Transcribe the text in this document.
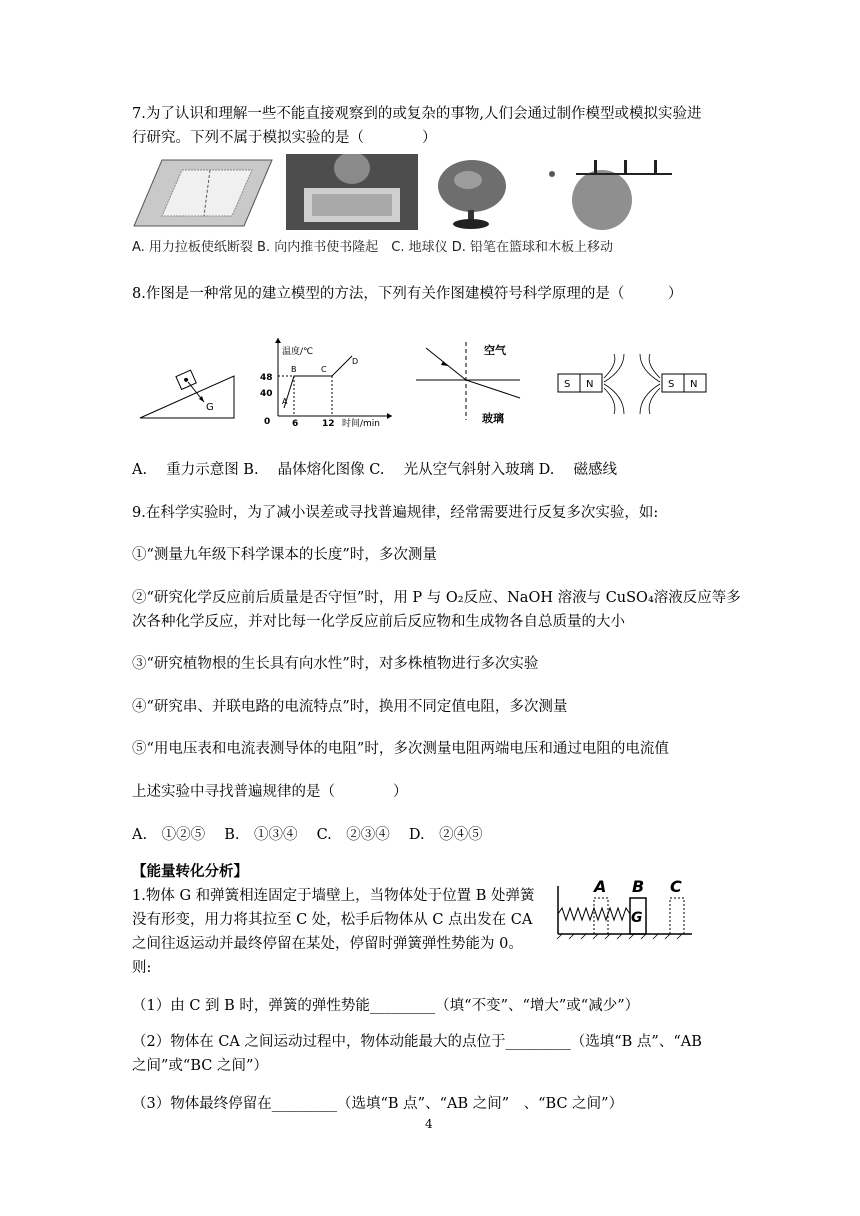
7.为了认识和理解一些不能直接观察到的或复杂的事物,人们会通过制作模型或模拟实验进
行研究。下列不属于模拟实验的是（　　　　）
A. 用力拉板使纸断裂 B. 向内推书使书隆起　C. 地球仪 D. 铅笔在篮球和木板上移动
8.作图是一种常见的建立模型的方法，下列有关作图建模符号科学原理的是（　　　）
G
温度/℃
时间/min
48
40
0 6	12
A
B	C
D
空气
玻璃
S N	S N
A.　 重力示意图 B.　 晶体熔化图像 C.　 光从空气斜射入玻璃 D.　 磁感线
9.在科学实验时，为了减小误差或寻找普遍规律，经常需要进行反复多次实验，如:
①“测量九年级下科学课本的长度”时，多次测量
②“研究化学反应前后质量是否守恒”时，用 P 与 O₂反应、NaOH 溶液与 CuSO₄溶液反应等多
次各种化学反应，并对比每一化学反应前后反应物和生成物各自总质量的大小
③“研究植物根的生长具有向水性”时，对多株植物进行多次实验
④“研究串、并联电路的电流特点”时，换用不同定值电阻，多次测量
⑤“用电压表和电流表测导体的电阻”时，多次测量电阻两端电压和通过电阻的电流值
上述实验中寻找普遍规律的是（　　　　）
A.　①②⑤　 B.　①③④　 C.　②③④　 D.　②④⑤
【能量转化分析】
1.物体 G 和弹簧相连固定于墙壁上，当物体处于位置 B 处弹簧
没有形变，用力将其拉至 C 处，松手后物体从 C 点出发在 CA
之间往返运动并最终停留在某处，停留时弹簧弹性势能为 0。
则:
A B C
G
（1）由 C 到 B 时，弹簧的弹性势能_________（填“不变”、“增大”或“减少”）
（2）物体在 CA 之间运动过程中，物体动能最大的点位于_________（选填“B 点”、“AB
之间”或“BC 之间”）
（3）物体最终停留在_________（选填“B 点”、“AB 之间”　、“BC 之间”）
4
